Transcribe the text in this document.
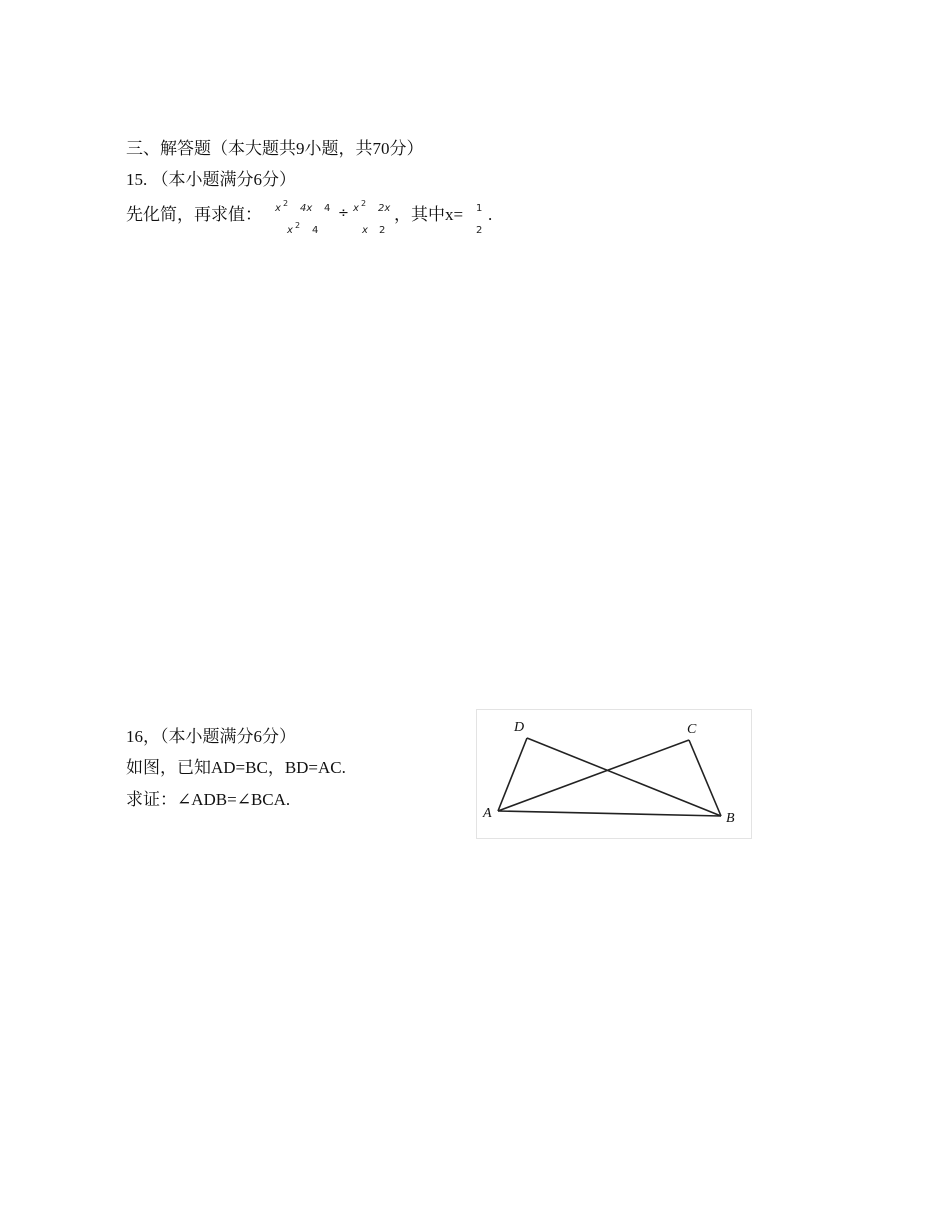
三、解答题（本大题共9小题，共70分）
15. （本小题满分6分）
先化简，再求值： x 2 4x 4
x 2 4
÷ x 2 2x
x 2
，其中x= 1
2
.
16，（本小题满分6分）
如图，已知AD=BC，BD=AC.
求证：∠ADB=∠BCA.
D	C
A	B
